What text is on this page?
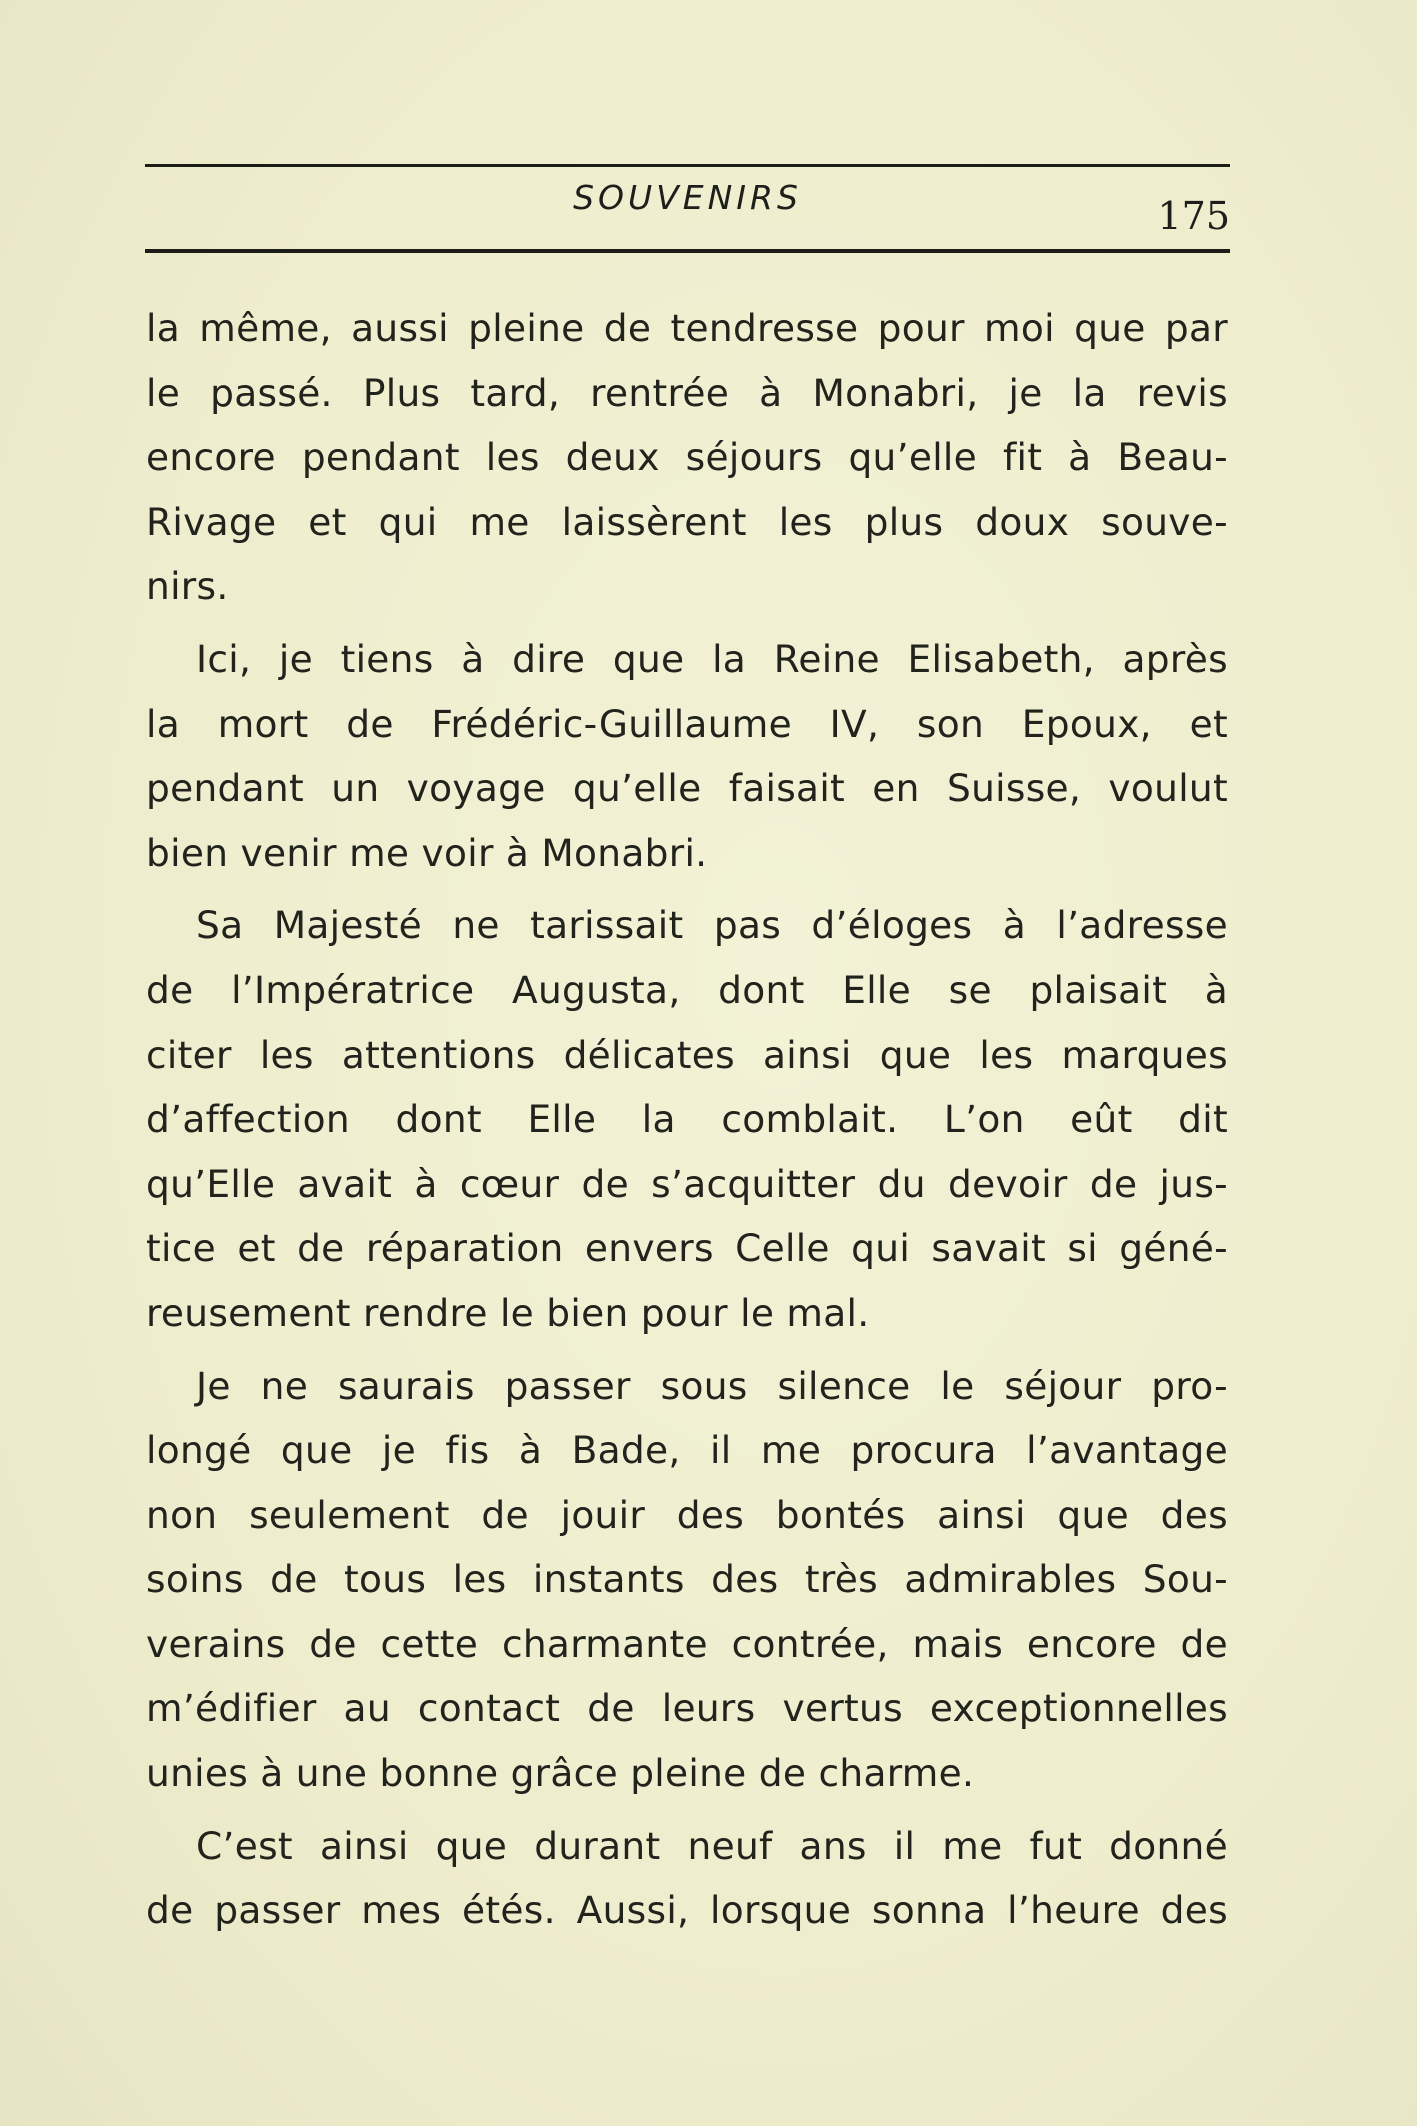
SOUVENIRS	175
la même, aussi pleine de tendresse pour moi que par
le passé. Plus tard, rentrée à Monabri, je la revis
encore pendant les deux séjours qu’elle fit à Beau-
Rivage et qui me laissèrent les plus doux souve-
nirs.
Ici, je tiens à dire que la Reine Elisabeth, après
la mort de Frédéric-Guillaume IV, son Epoux, et
pendant un voyage qu’elle faisait en Suisse, voulut
bien venir me voir à Monabri.
Sa Majesté ne tarissait pas d’éloges à l’adresse
de l’Impératrice Augusta, dont Elle se plaisait à
citer les attentions délicates ainsi que les marques
d’affection dont Elle la comblait. L’on eût dit
qu’Elle avait à cœur de s’acquitter du devoir de jus-
tice et de réparation envers Celle qui savait si géné-
reusement rendre le bien pour le mal.
Je ne saurais passer sous silence le séjour pro-
longé que je fis à Bade, il me procura l’avantage
non seulement de jouir des bontés ainsi que des
soins de tous les instants des très admirables Sou-
verains de cette charmante contrée, mais encore de
m’édifier au contact de leurs vertus exceptionnelles
unies à une bonne grâce pleine de charme.
C’est ainsi que durant neuf ans il me fut donné
de passer mes étés. Aussi, lorsque sonna l’heure des
